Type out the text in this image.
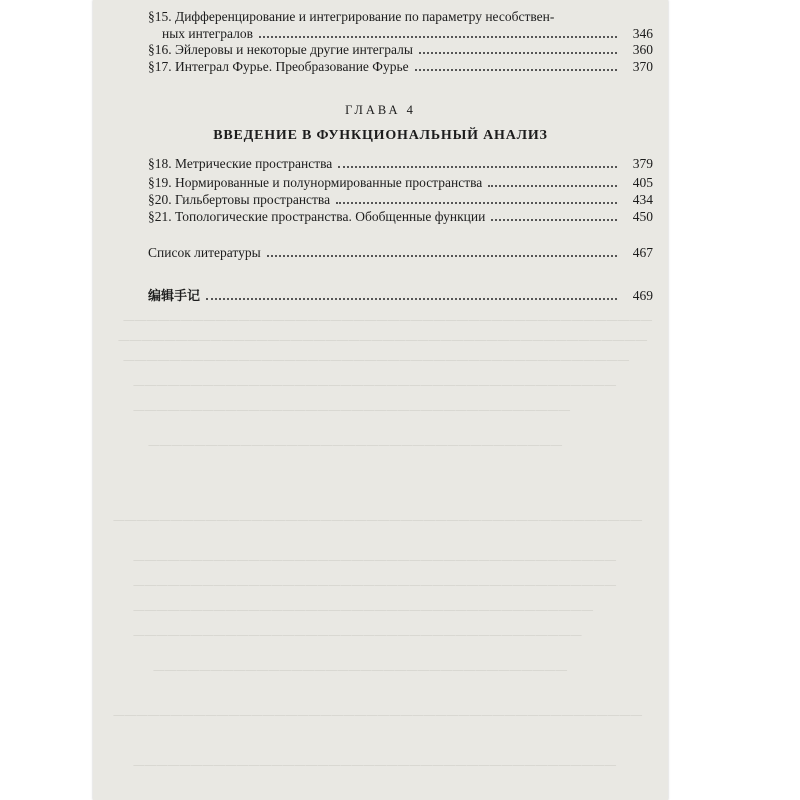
——————————————————————————————————————————————
——————————————————————————————————————————————
————————————————————————————————————————————
——————————————————————————————————————————
——————————————————————————————————————
————————————————————————————————————
——————————————————————————————————————————————
——————————————————————————————————————————
——————————————————————————————————————————
————————————————————————————————————————
———————————————————————————————————————
————————————————————————————————————
——————————————————————————————————————————————
——————————————————————————————————————————
§15. Дифференцирование и интегрирование по параметру несобствен-
ных интегралов	346
§16. Эйлеровы и некоторые другие интегралы	360
§17. Интеграл Фурье. Преобразование Фурье	370
ГЛАВА 4
ВВЕДЕНИЕ В ФУНКЦИОНАЛЬНЫЙ АНАЛИЗ
§18. Метрические пространства	379
§19. Нормированные и полунормированные пространства	405
§20. Гильбертовы пространства	434
§21. Топологические пространства. Обобщенные функции	450
Список литературы	467
编辑手记	469
